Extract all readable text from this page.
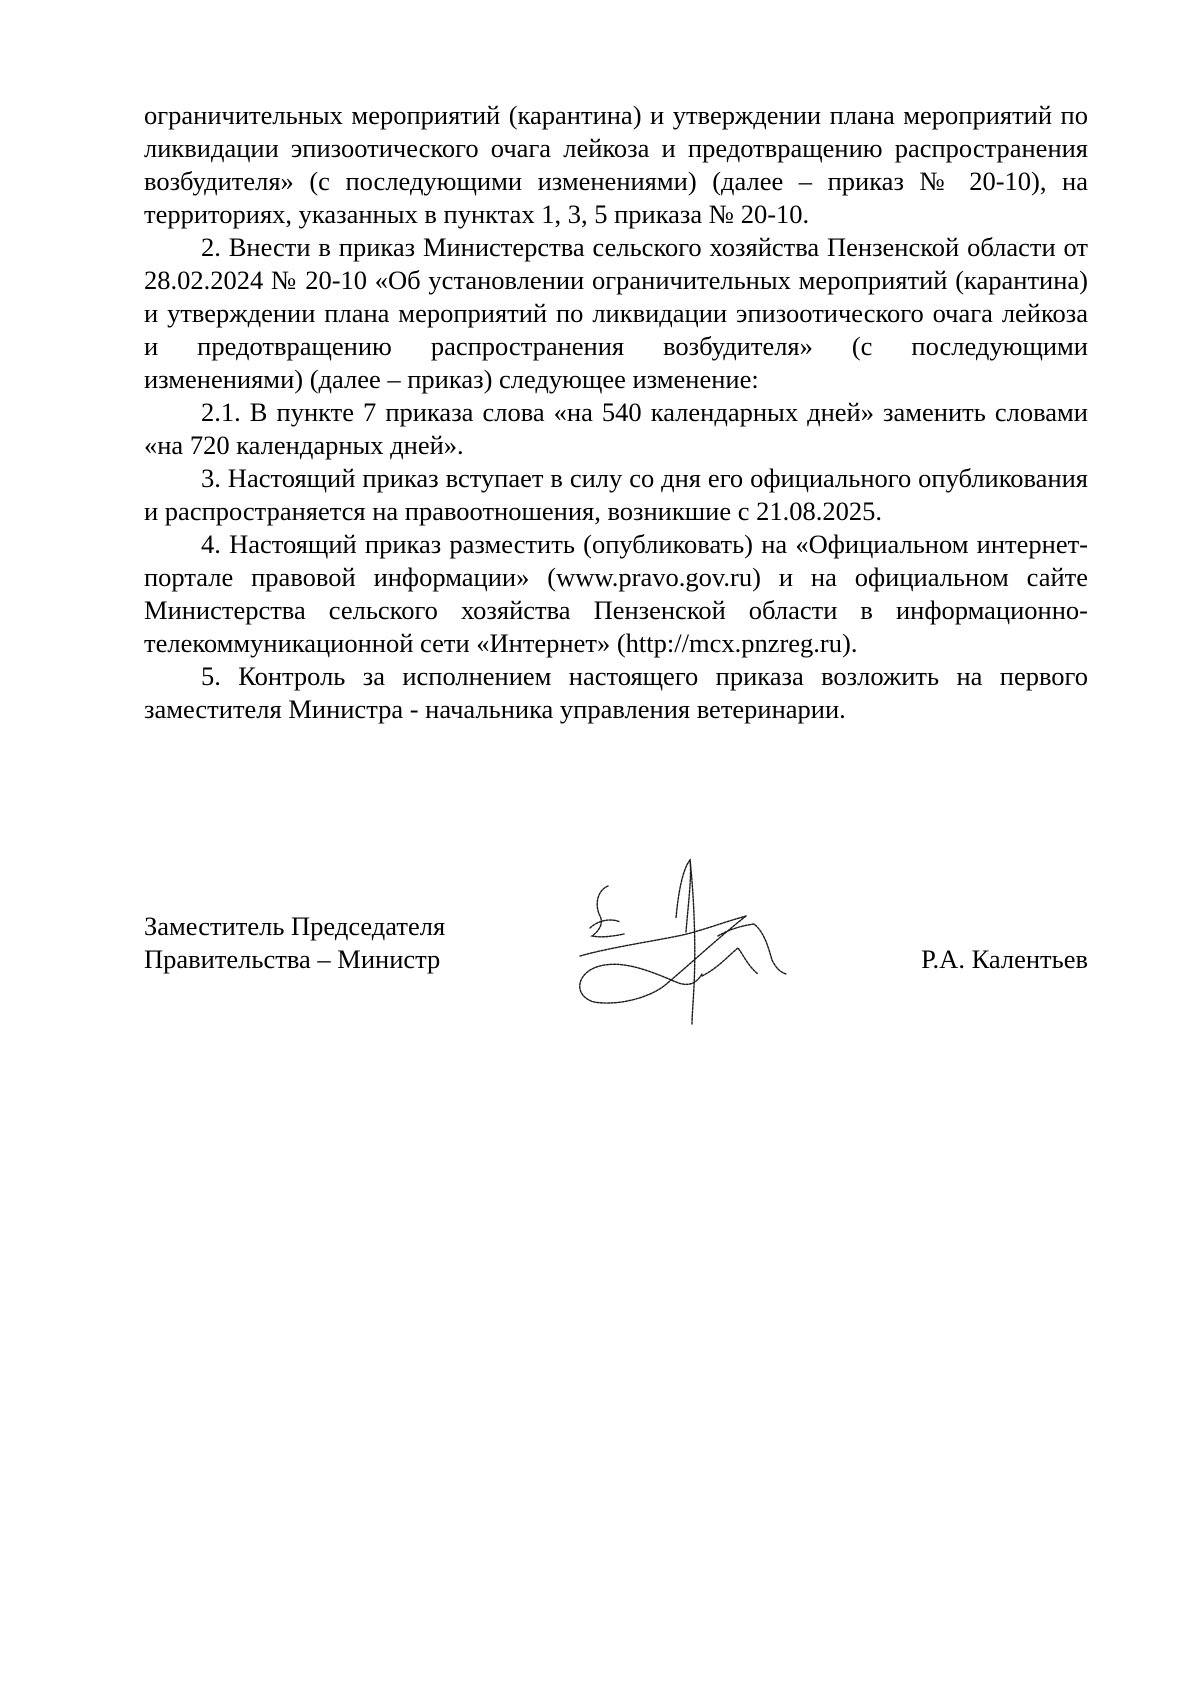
ограничительных мероприятий (карантина) и утверждении плана мероприятий по ликвидации эпизоотического очага лейкоза и предотвращению распространения возбудителя» (с последующими изменениями) (далее – приказ № 20-10), на территориях, указанных в пунктах 1, 3, 5 приказа № 20-10.

2. Внести в приказ Министерства сельского хозяйства Пензенской области от 28.02.2024 № 20-10 «Об установлении ограничительных мероприятий (карантина) и утверждении плана мероприятий по ликвидации эпизоотического очага лейкоза и предотвращению распространения возбудителя» (с последующими изменениями) (далее – приказ) следующее изменение:

2.1. В пункте 7 приказа слова «на 540 календарных дней» заменить словами «на 720 календарных дней».

3. Настоящий приказ вступает в силу со дня его официального опубликования и распространяется на правоотношения, возникшие с 21.08.2025.

4. Настоящий приказ разместить (опубликовать) на «Официальном интернет-портале правовой информации» (www.pravo.gov.ru) и на официальном сайте Министерства сельского хозяйства Пензенской области в информационно-телекоммуникационной сети «Интернет» (http://mcx.pnzreg.ru).

5. Контроль за исполнением настоящего приказа возложить на первого заместителя Министра - начальника управления ветеринарии.

Заместитель Председателя
Правительства – Министр	Р.А. Калентьев
